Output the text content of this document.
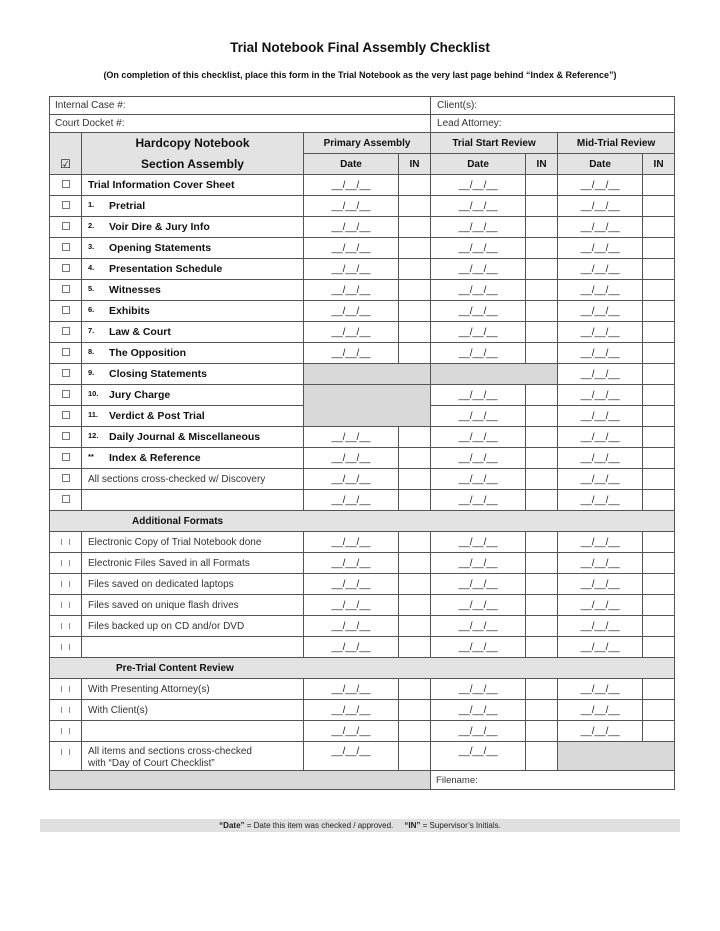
Trial Notebook Final Assembly Checklist
(On completion of this checklist, place this form in the Trial Notebook as the very last page behind “Index & Reference”)
Internal Case #:				Client(s):			
Court Docket #:				Lead Attorney:			
	Hardcopy Notebook	Primary Assembly		Trial Start Review		Mid-Trial Review	
☑	Section Assembly	Date	IN	Date	IN	Date	IN
	Trial Information Cover Sheet	__/__/__		__/__/__		__/__/__	
	1. Pretrial	__/__/__		__/__/__		__/__/__	
	2. Voir Dire & Jury Info	__/__/__		__/__/__		__/__/__	
	3. Opening Statements	__/__/__		__/__/__		__/__/__	
	4. Presentation Schedule	__/__/__		__/__/__		__/__/__	
	5. Witnesses	__/__/__		__/__/__		__/__/__	
	6. Exhibits	__/__/__		__/__/__		__/__/__	
	7. Law & Court	__/__/__		__/__/__		__/__/__	
	8. The Opposition	__/__/__		__/__/__		__/__/__	
	9. Closing Statements					__/__/__	
	10. Jury Charge			__/__/__		__/__/__	
	11. Verdict & Post Trial			__/__/__		__/__/__	
	12. Daily Journal & Miscellaneous	__/__/__		__/__/__		__/__/__	
	** Index & Reference	__/__/__		__/__/__		__/__/__	
	All sections cross-checked w/ Discovery	__/__/__		__/__/__		__/__/__	
		__/__/__		__/__/__		__/__/__	
Additional Formats							
	Electronic Copy of Trial Notebook done	__/__/__		__/__/__		__/__/__	
	Electronic Files Saved in all Formats	__/__/__		__/__/__		__/__/__	
	Files saved on dedicated laptops	__/__/__		__/__/__		__/__/__	
	Files saved on unique flash drives	__/__/__		__/__/__		__/__/__	
	Files backed up on CD and/or DVD	__/__/__		__/__/__		__/__/__	
		__/__/__		__/__/__		__/__/__	
Pre-Trial Content Review							
	With Presenting Attorney(s)	__/__/__		__/__/__		__/__/__	
	With Client(s)	__/__/__		__/__/__		__/__/__	
		__/__/__		__/__/__		__/__/__	
	All items and sections cross-checked
with “Day of Court Checklist”	__/__/__		__/__/__			
				Filename:			
“Date” = Date this item was checked / approved. “IN” = Supervisor’s Initials.
